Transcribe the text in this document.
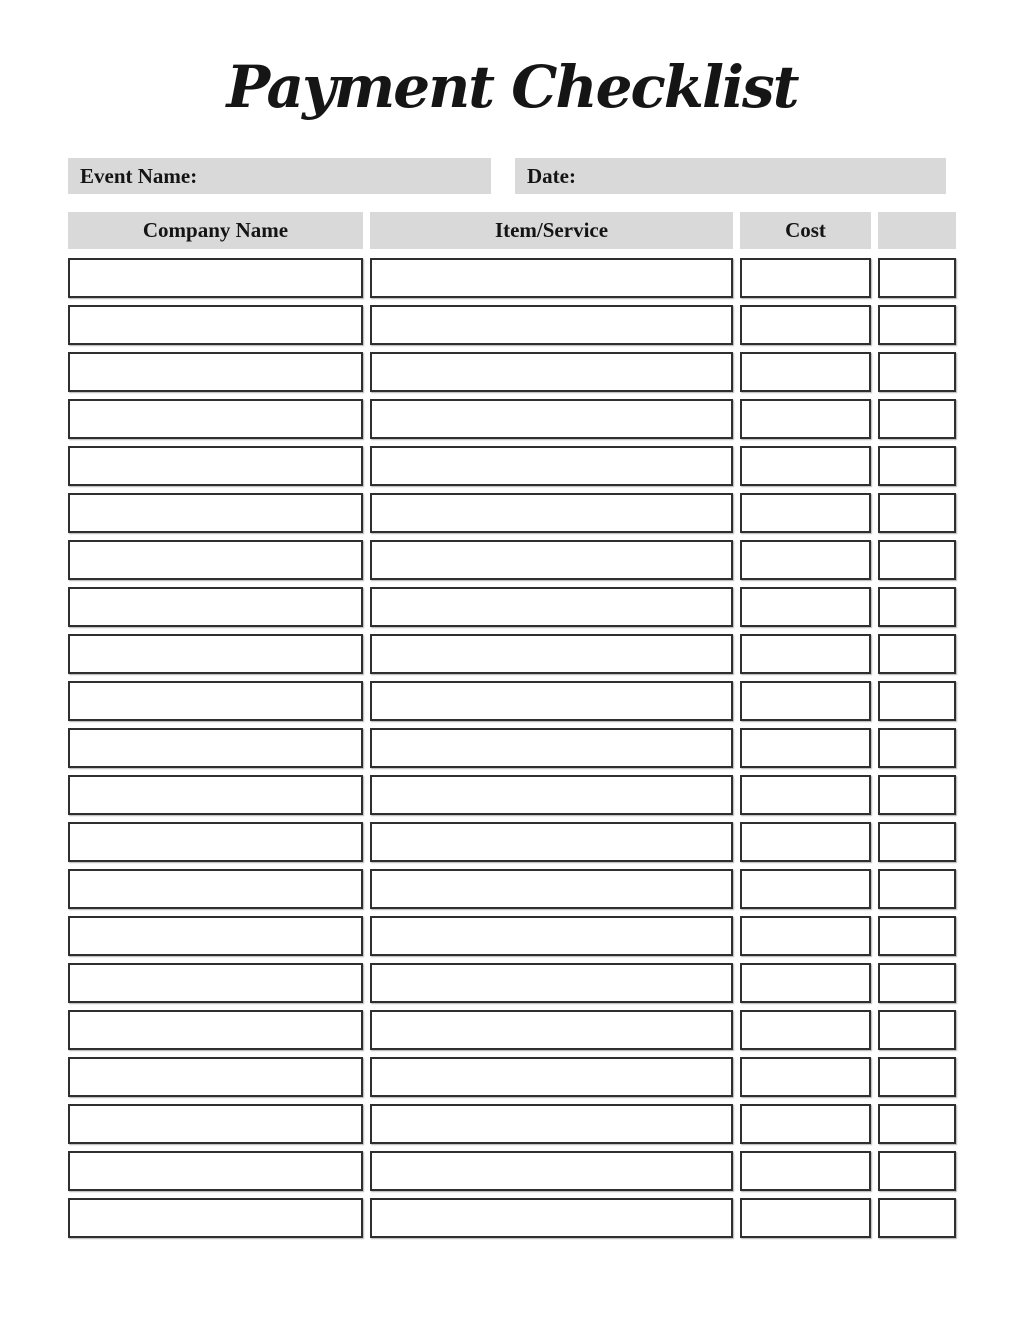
Payment Checklist
Event Name:	Date:
Company Name	Item/Service	Cost
